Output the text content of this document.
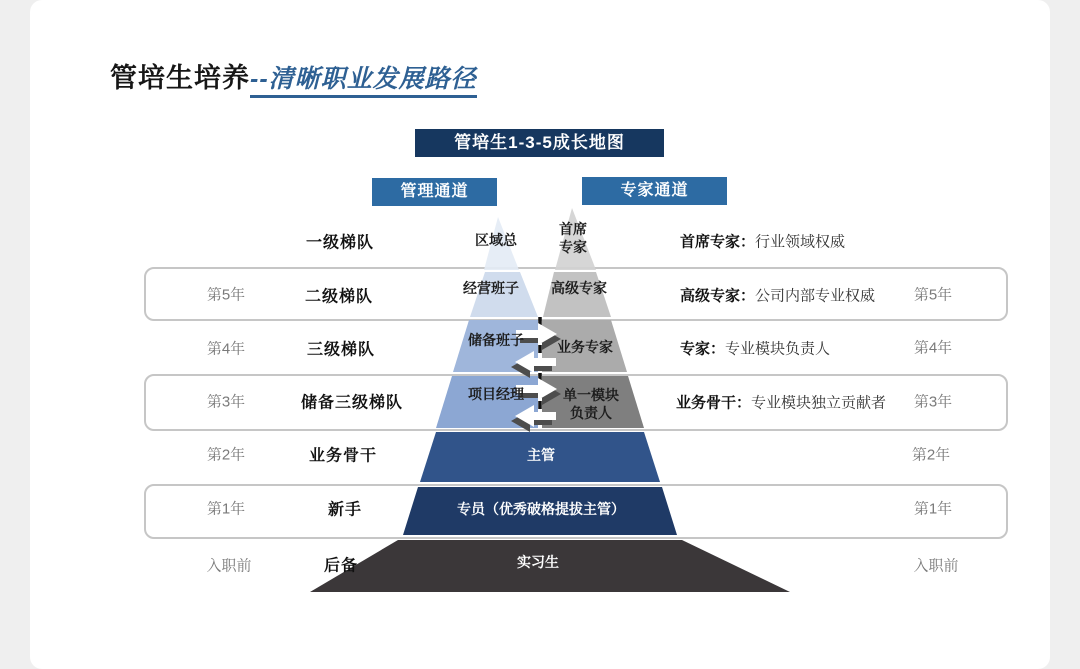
管培生培养--清晰职业发展路径
管培生1-3-5成长地图
管理通道	专家通道
第5年
第4年
第3年
第2年
第1年
入职前
一级梯队
二级梯队
三级梯队
储备三级梯队
业务骨干
新手
后备
区域总
首席
专家
经营班子 高级专家
储备班子 业务专家
项目经理	单一模块
负责人
主管
专员（优秀破格提拔主管）
实习生
首席专家：行业领域权威
高级专家：公司内部专业权威
专家：专业模块负责人
业务骨干：专业模块独立贡献者
第5年
第4年
第3年
第2年
第1年
入职前
